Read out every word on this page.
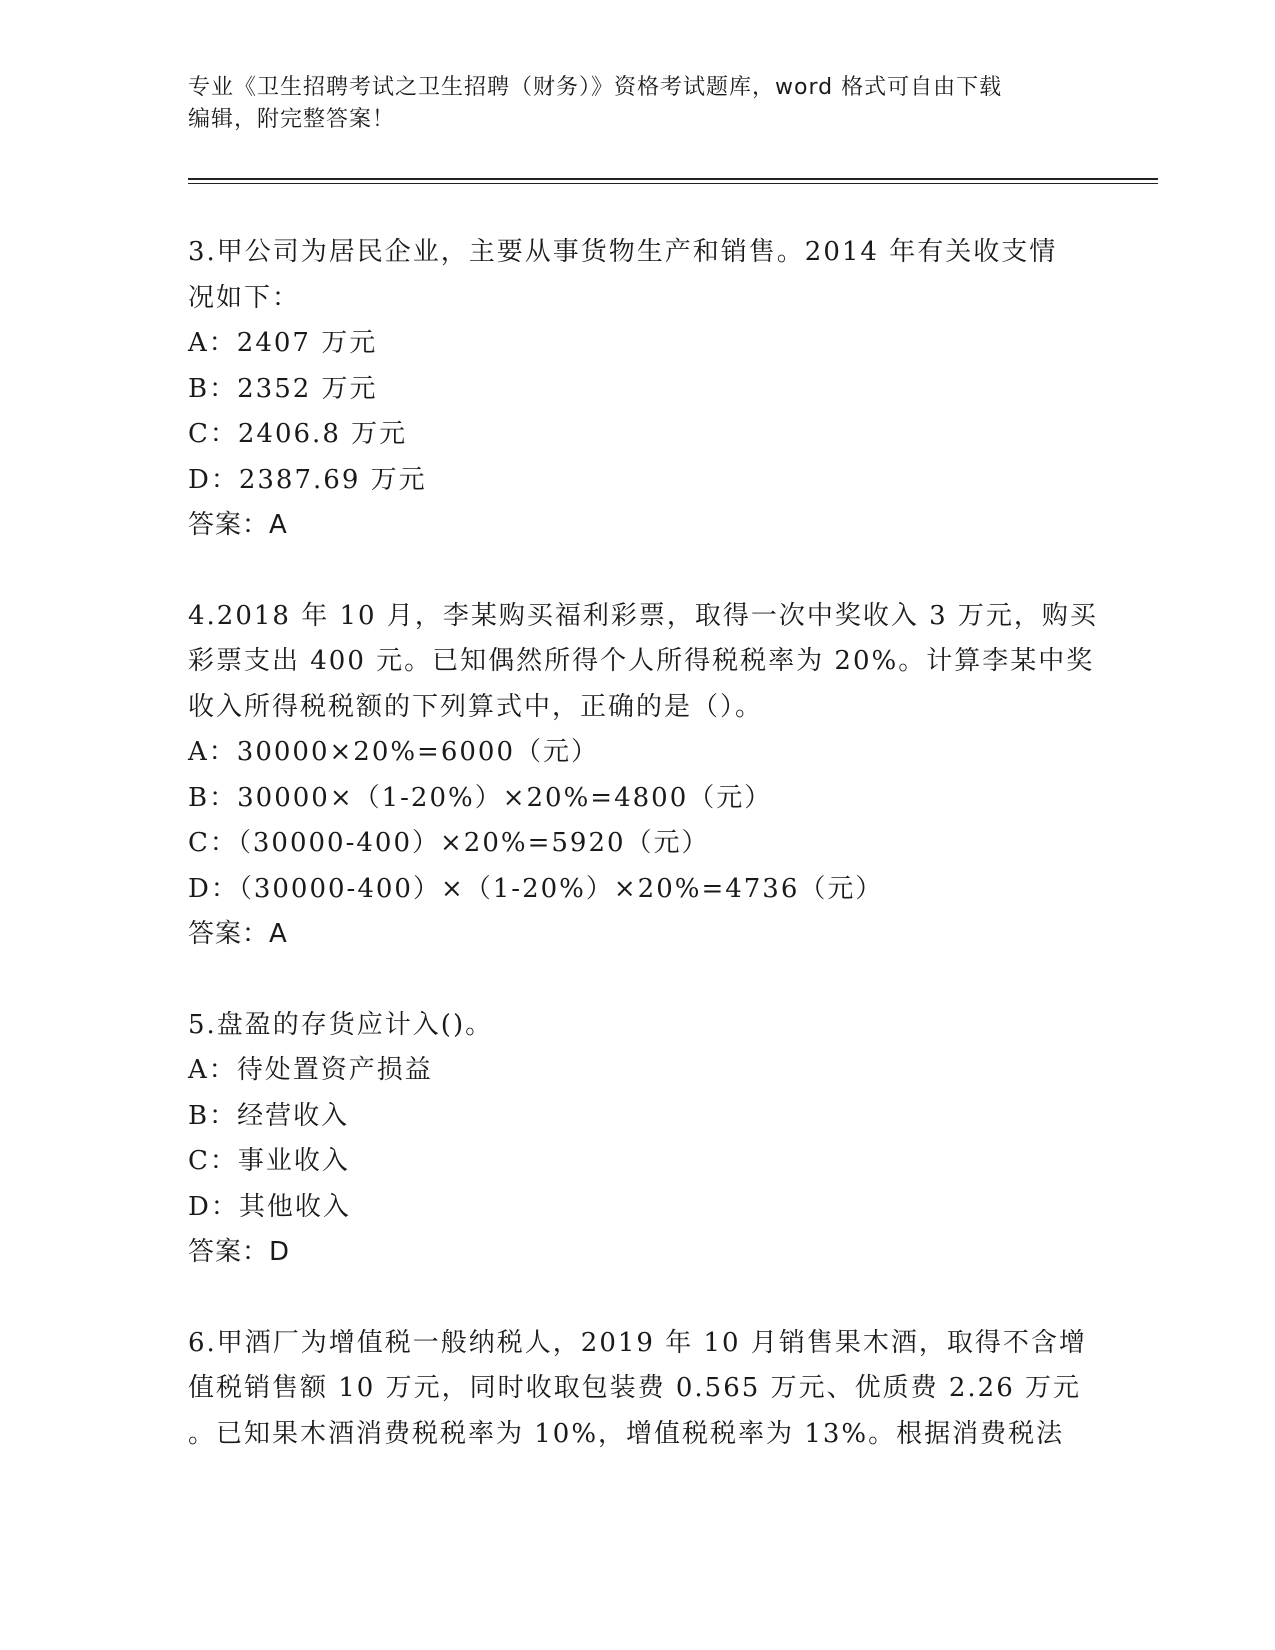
专业《卫生招聘考试之卫生招聘（财务）》资格考试题库，word 格式可自由下载
编辑，附完整答案！
3.甲公司为居民企业，主要从事货物生产和销售。2014 年有关收支情
况如下：
A：2407 万元
B：2352 万元
C：2406.8 万元
D：2387.69 万元
答案：A
4.2018 年 10 月，李某购买福利彩票，取得一次中奖收入 3 万元，购买
彩票支出 400 元。已知偶然所得个人所得税税率为 20%。计算李某中奖
收入所得税税额的下列算式中，正确的是（）。
A：30000×20%=6000（元）
B：30000×（1-20%）×20%=4800（元）
C：（30000-400）×20%=5920（元）
D：（30000-400）×（1-20%）×20%=4736（元）
答案：A
5.盘盈的存货应计入()。
A：待处置资产损益
B：经营收入
C：事业收入
D：其他收入
答案：D
6.甲酒厂为增值税一般纳税人，2019 年 10 月销售果木酒，取得不含增
值税销售额 10 万元，同时收取包装费 0.565 万元、优质费 2.26 万元
。已知果木酒消费税税率为 10%，增值税税率为 13%。根据消费税法
